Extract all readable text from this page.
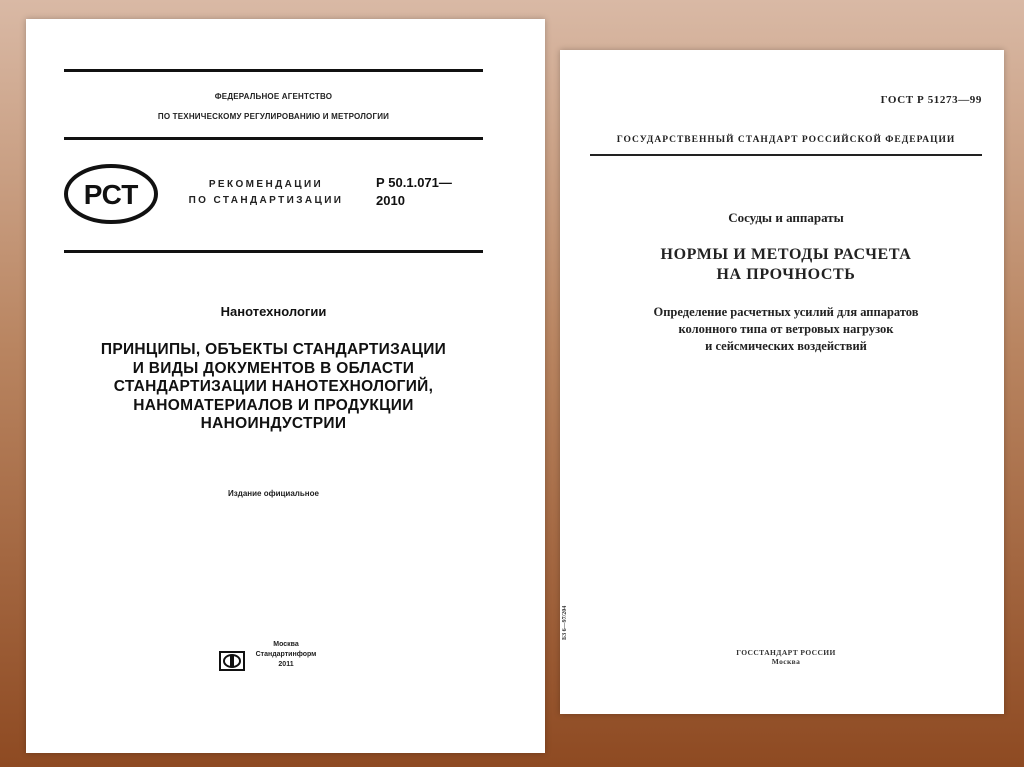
ФЕДЕРАЛЬНОЕ АГЕНТСТВО
ПО ТЕХНИЧЕСКОМУ РЕГУЛИРОВАНИЮ И МЕТРОЛОГИИ
РСТ	РЕКОМЕНДАЦИИ
ПО СТАНДАРТИЗАЦИИ
Р 50.1.071—
2010
Нанотехнологии
ПРИНЦИПЫ, ОБЪЕКТЫ СТАНДАРТИЗАЦИИ
И ВИДЫ ДОКУМЕНТОВ В ОБЛАСТИ
СТАНДАРТИЗАЦИИ НАНОТЕХНОЛОГИЙ,
НАНОМАТЕРИАЛОВ И ПРОДУКЦИИ
НАНОИНДУСТРИИ
Издание официальное
Москва
Стандартинформ
2011
ГОСТ Р 51273—99
ГОСУДАРСТВЕННЫЙ СТАНДАРТ РОССИЙСКОЙ ФЕДЕРАЦИИ
Сосуды и аппараты
НОРМЫ И МЕТОДЫ РАСЧЕТА
НА ПРОЧНОСТЬ
Определение расчетных усилий для аппаратов
колонного типа от ветровых нагрузок
и сейсмических воздействий
БЗ 6—97/204
ГОССТАНДАРТ РОССИИ
Москва
